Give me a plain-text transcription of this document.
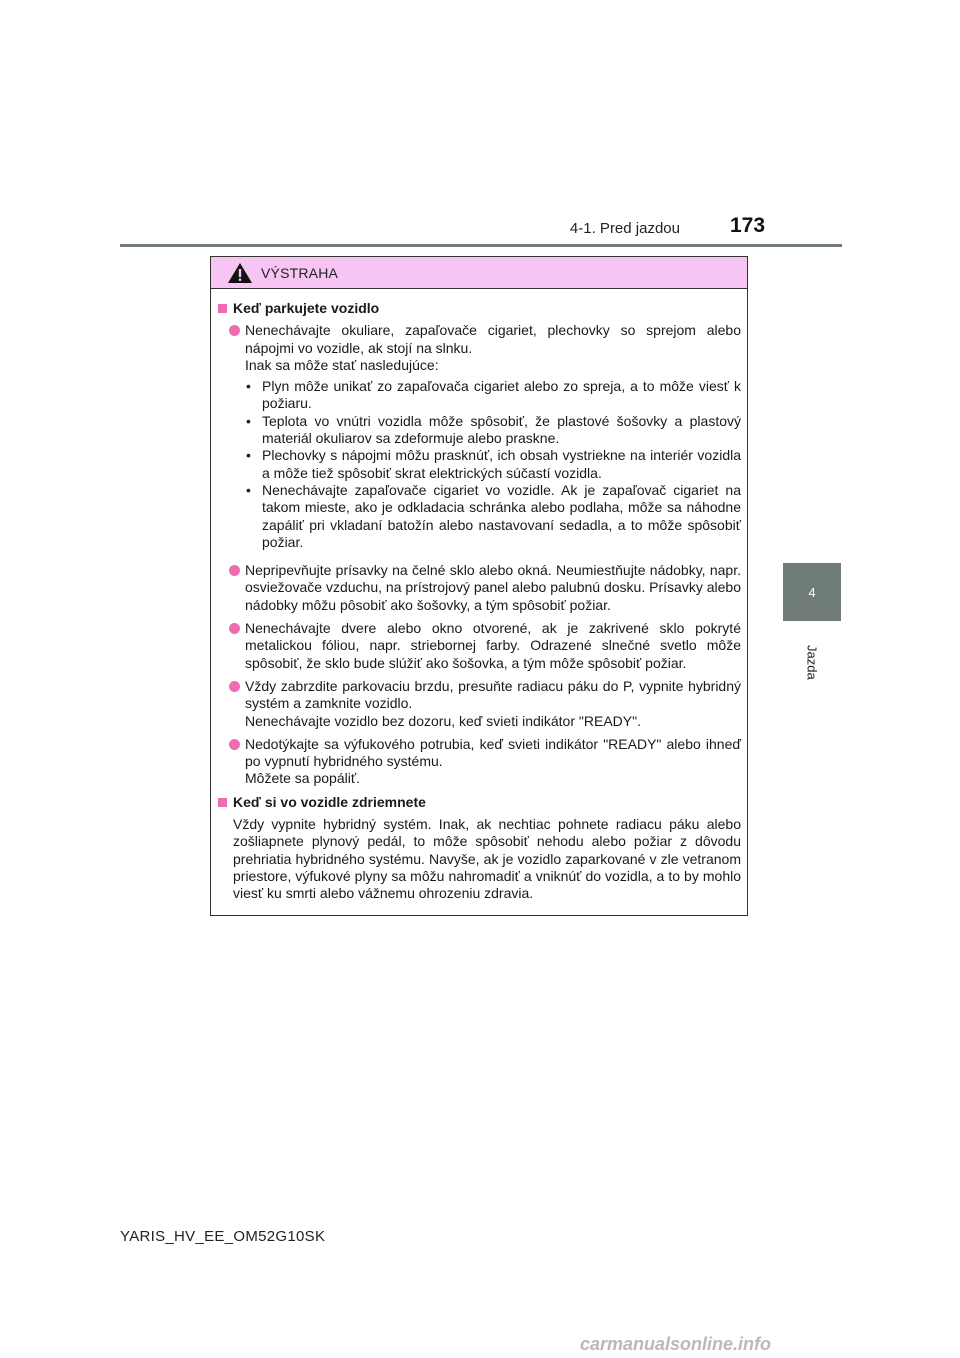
4-1. Pred jazdou 173
4
Jazda
VÝSTRAHA
Keď parkujete vozidlo
Nenechávajte okuliare, zapaľovače cigariet, plechovky so sprejom alebo nápojmi vo vozidle, ak stojí na slnku.
Inak sa môže stať nasledujúce:
• Plyn môže unikať zo zapaľovača cigariet alebo zo spreja, a to môže viesť k požiaru.
• Teplota vo vnútri vozidla môže spôsobiť, že plastové šošovky a plastový materiál okuliarov sa zdeformuje alebo praskne.
• Plechovky s nápojmi môžu prasknúť, ich obsah vystriekne na interiér vozidla a môže tiež spôsobiť skrat elektrických súčastí vozidla.
• Nenechávajte zapaľovače cigariet vo vozidle. Ak je zapaľovač cigariet na takom mieste, ako je odkladacia schránka alebo podlaha, môže sa náhodne zapáliť pri vkladaní batožín alebo nastavovaní sedadla, a to môže spôsobiť požiar.
Nepripevňujte prísavky na čelné sklo alebo okná. Neumiestňujte nádobky, napr. osviežovače vzduchu, na prístrojový panel alebo palubnú dosku. Prísavky alebo nádobky môžu pôsobiť ako šošovky, a tým spôsobiť požiar.
Nenechávajte dvere alebo okno otvorené, ak je zakrivené sklo pokryté metalickou fóliou, napr. striebornej farby. Odrazené slnečné svetlo môže spôsobiť, že sklo bude slúžiť ako šošovka, a tým môže spôsobiť požiar.
Vždy zabrzdite parkovaciu brzdu, presuňte radiacu páku do P, vypnite hybridný systém a zamknite vozidlo.
Nenechávajte vozidlo bez dozoru, keď svieti indikátor "READY".
Nedotýkajte sa výfukového potrubia, keď svieti indikátor "READY" alebo ihneď po vypnutí hybridného systému.
Môžete sa popáliť.
Keď si vo vozidle zdriemnete
Vždy vypnite hybridný systém. Inak, ak nechtiac pohnete radiacu páku alebo zošliapnete plynový pedál, to môže spôsobiť nehodu alebo požiar z dôvodu prehriatia hybridného systému. Navyše, ak je vozidlo zaparkované v zle vetranom priestore, výfukové plyny sa môžu nahromadiť a vniknúť do vozidla, a to by mohlo viesť ku smrti alebo vážnemu ohrozeniu zdravia.
YARIS_HV_EE_OM52G10SK
carmanualsonline.info
